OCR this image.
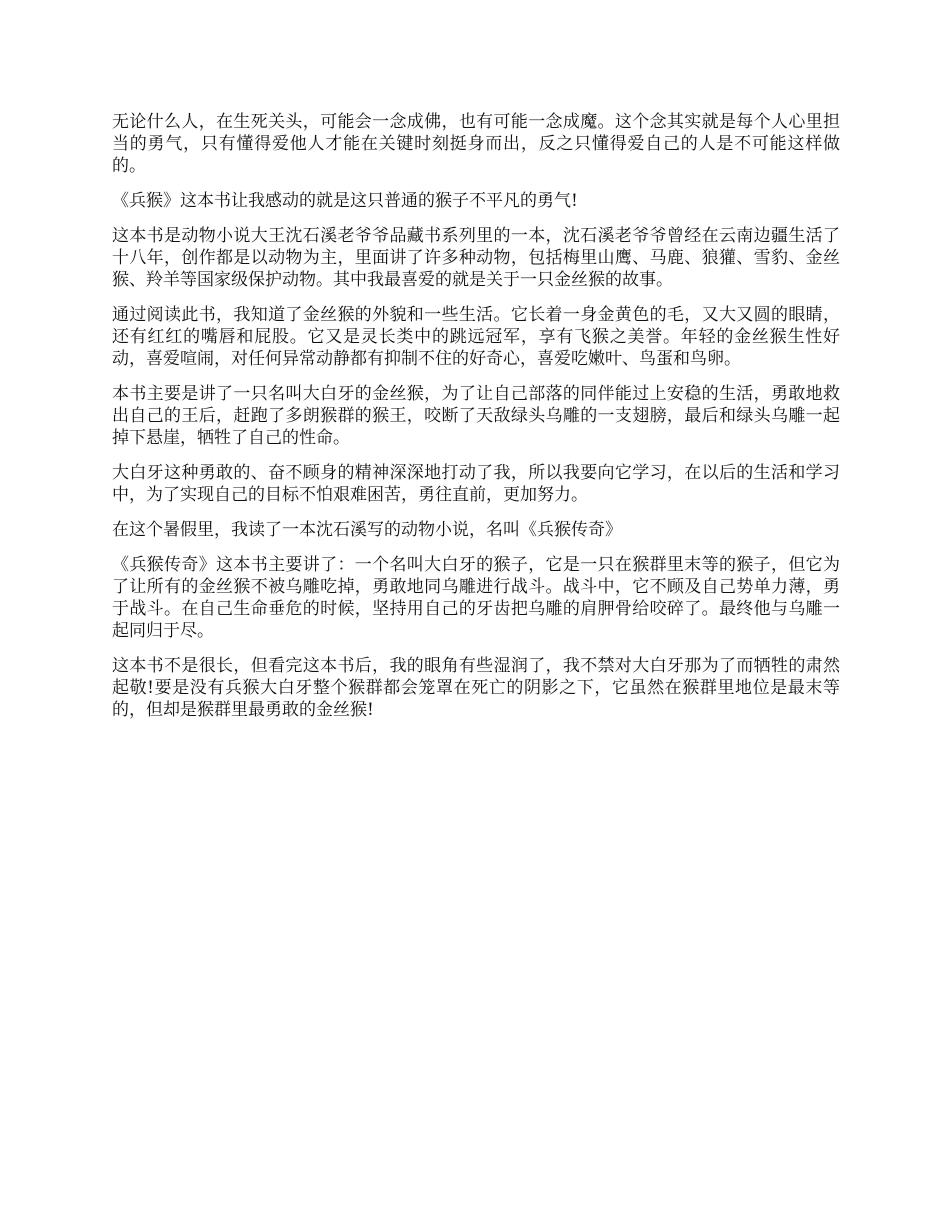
无论什么人，在生死关头，可能会一念成佛，也有可能一念成魔。这个念其实就是每个人心里担当的勇气，只有懂得爱他人才能在关键时刻挺身而出，反之只懂得爱自己的人是不可能这样做的。

《兵猴》这本书让我感动的就是这只普通的猴子不平凡的勇气!

这本书是动物小说大王沈石溪老爷爷品藏书系列里的一本，沈石溪老爷爷曾经在云南边疆生活了十八年，创作都是以动物为主，里面讲了许多种动物，包括梅里山鹰、马鹿、狼獾、雪豹、金丝猴、羚羊等国家级保护动物。其中我最喜爱的就是关于一只金丝猴的故事。

通过阅读此书，我知道了金丝猴的外貌和一些生活。它长着一身金黄色的毛，又大又圆的眼睛，还有红红的嘴唇和屁股。它又是灵长类中的跳远冠军，享有飞猴之美誉。年轻的金丝猴生性好动，喜爱喧闹，对任何异常动静都有抑制不住的好奇心，喜爱吃嫩叶、鸟蛋和鸟卵。

本书主要是讲了一只名叫大白牙的金丝猴，为了让自己部落的同伴能过上安稳的生活，勇敢地救出自己的王后，赶跑了多朗猴群的猴王，咬断了天敌绿头乌雕的一支翅膀，最后和绿头乌雕一起掉下悬崖，牺牲了自己的性命。

大白牙这种勇敢的、奋不顾身的精神深深地打动了我，所以我要向它学习，在以后的生活和学习中，为了实现自己的目标不怕艰难困苦，勇往直前，更加努力。

在这个暑假里，我读了一本沈石溪写的动物小说，名叫《兵猴传奇》

《兵猴传奇》这本书主要讲了：一个名叫大白牙的猴子，它是一只在猴群里末等的猴子，但它为了让所有的金丝猴不被乌雕吃掉，勇敢地同乌雕进行战斗。战斗中，它不顾及自己势单力薄，勇于战斗。在自己生命垂危的时候，坚持用自己的牙齿把乌雕的肩胛骨给咬碎了。最终他与乌雕一起同归于尽。

这本书不是很长，但看完这本书后，我的眼角有些湿润了，我不禁对大白牙那为了而牺牲的肃然起敬!要是没有兵猴大白牙整个猴群都会笼罩在死亡的阴影之下，它虽然在猴群里地位是最末等的，但却是猴群里最勇敢的金丝猴!
